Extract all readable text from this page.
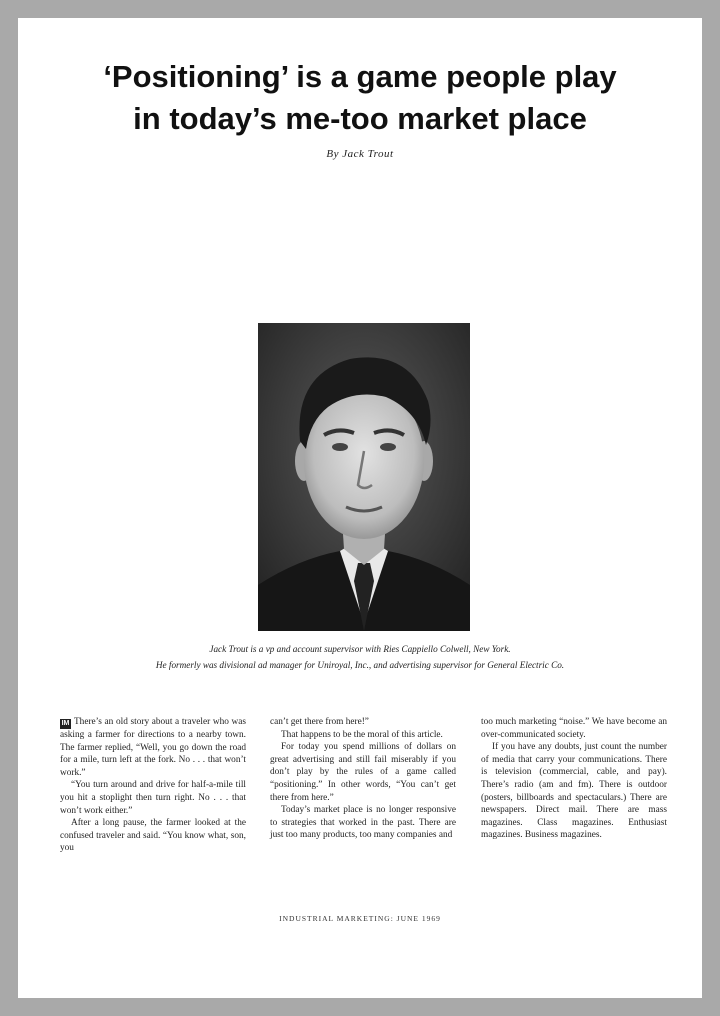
‘Positioning’ is a game people play
in today’s me-too market place
By Jack Trout
Jack Trout is a vp and account supervisor with Ries Cappiello Colwell, New York.
He formerly was divisional ad manager for Uniroyal, Inc., and advertising supervisor for General Electric Co.

IM There’s an old story about a traveler who was asking a farmer for directions to a nearby town. The farmer replied, “Well, you go down the road for a mile, turn left at the fork. No . . . that won’t work.”

“You turn around and drive for half-a-mile till you hit a stoplight then turn right. No . . . that won’t work either.”

After a long pause, the farmer looked at the confused traveler and said. “You know what, son, you

can’t get there from here!”

That happens to be the moral of this article.

For today you spend millions of dollars on great advertising and still fail miserably if you don’t play by the rules of a game called “positioning.” In other words, “You can’t get there from here.”

Today’s market place is no longer responsive to strategies that worked in the past. There are just too many products, too many companies and

too much marketing “noise.” We have become an over-communicated society.

If you have any doubts, just count the number of media that carry your communications. There is television (commercial, cable, and pay). There’s radio (am and fm). There is outdoor (posters, billboards and spectaculars.) There are newspapers. Direct mail. There are mass magazines. Class magazines. Enthusiast magazines. Business magazines.

INDUSTRIAL MARKETING: JUNE 1969
